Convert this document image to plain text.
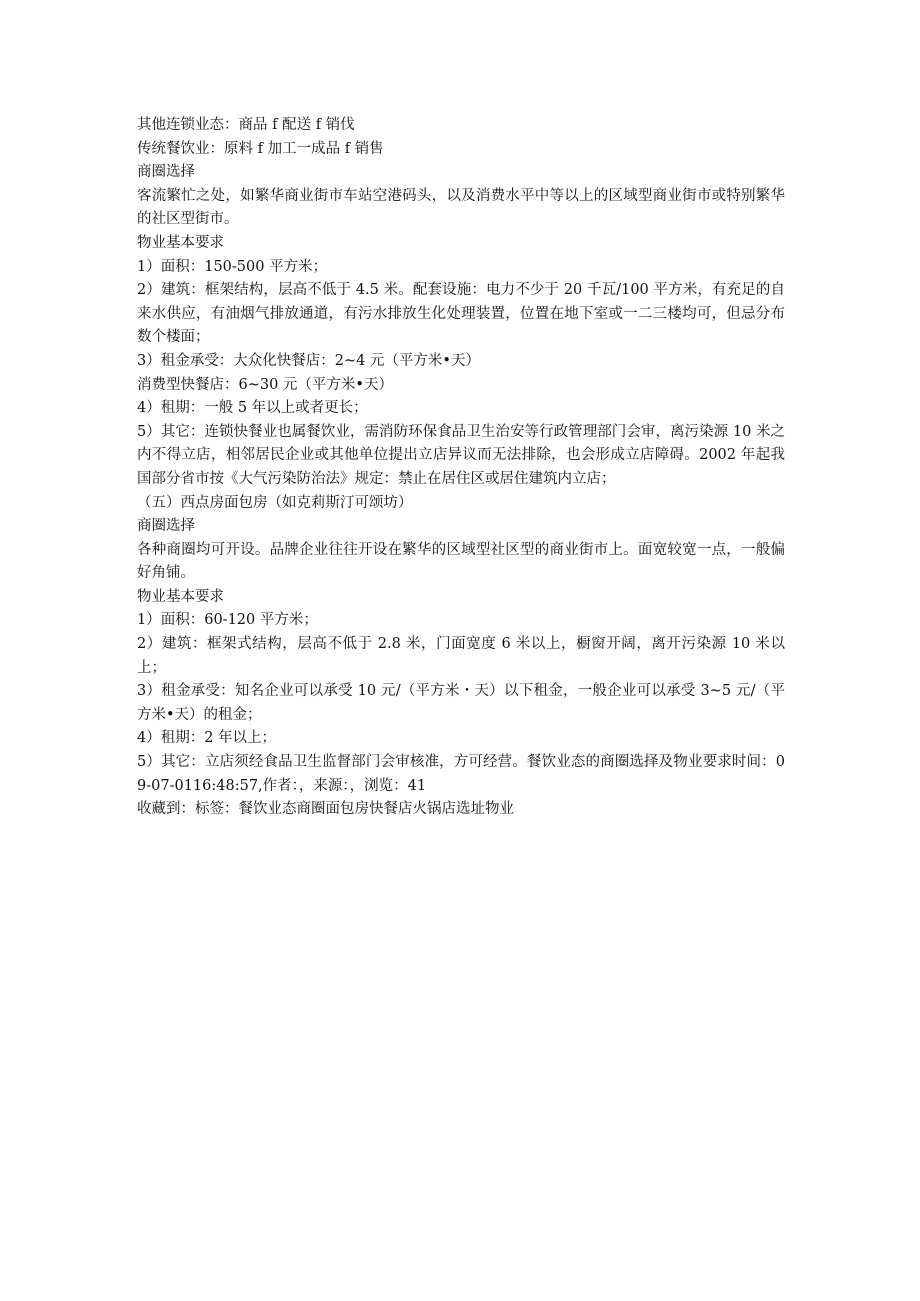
其他连锁业态：商品 f 配送 f 销伐

传统餐饮业：原料 f 加工一成品 f 销售

商圈选择

客流繁忙之处，如繁华商业街市车站空港码头，以及消费水平中等以上的区域型商业街市或特别繁华的社区型街市。

物业基本要求

1）面积：150-500 平方米；

2）建筑：框架结构，层高不低于 4.5 米。配套设施：电力不少于 20 千瓦/100 平方米，有充足的自来水供应，有油烟气排放通道，有污水排放生化处理装置，位置在地下室或一二三楼均可，但忌分布数个楼面；

3）租金承受：大众化快餐店：2~4 元（平方米•天）

消费型快餐店：6~30 元（平方米•天）

4）租期：一般 5 年以上或者更长；

5）其它：连锁快餐业也属餐饮业，需消防环保食品卫生治安等行政管理部门会审，离污染源 10 米之内不得立店，相邻居民企业或其他单位提出立店异议而无法排除，也会形成立店障碍。2002 年起我国部分省市按《大气污染防治法》规定：禁止在居住区或居住建筑内立店；

（五）西点房面包房（如克莉斯汀可颂坊）

商圈选择

各种商圈均可开设。品牌企业往往开设在繁华的区域型社区型的商业街市上。面宽较宽一点，一般偏好角铺。

物业基本要求

1）面积：60-120 平方米；

2）建筑：框架式结构，层高不低于 2.8 米，门面宽度 6 米以上，橱窗开阔，离开污染源 10 米以上；

3）租金承受：知名企业可以承受 10 元/（平方米・天）以下租金，一般企业可以承受 3~5 元/（平方米•天）的租金；

4）租期：2 年以上；

5）其它：立店须经食品卫生监督部门会审核准，方可经营。餐饮业态的商圈选择及物业要求时间：09-07-0116:48:57,作者：，来源：，浏览：41

收藏到：标签：餐饮业态商圈面包房快餐店火锅店选址物业
